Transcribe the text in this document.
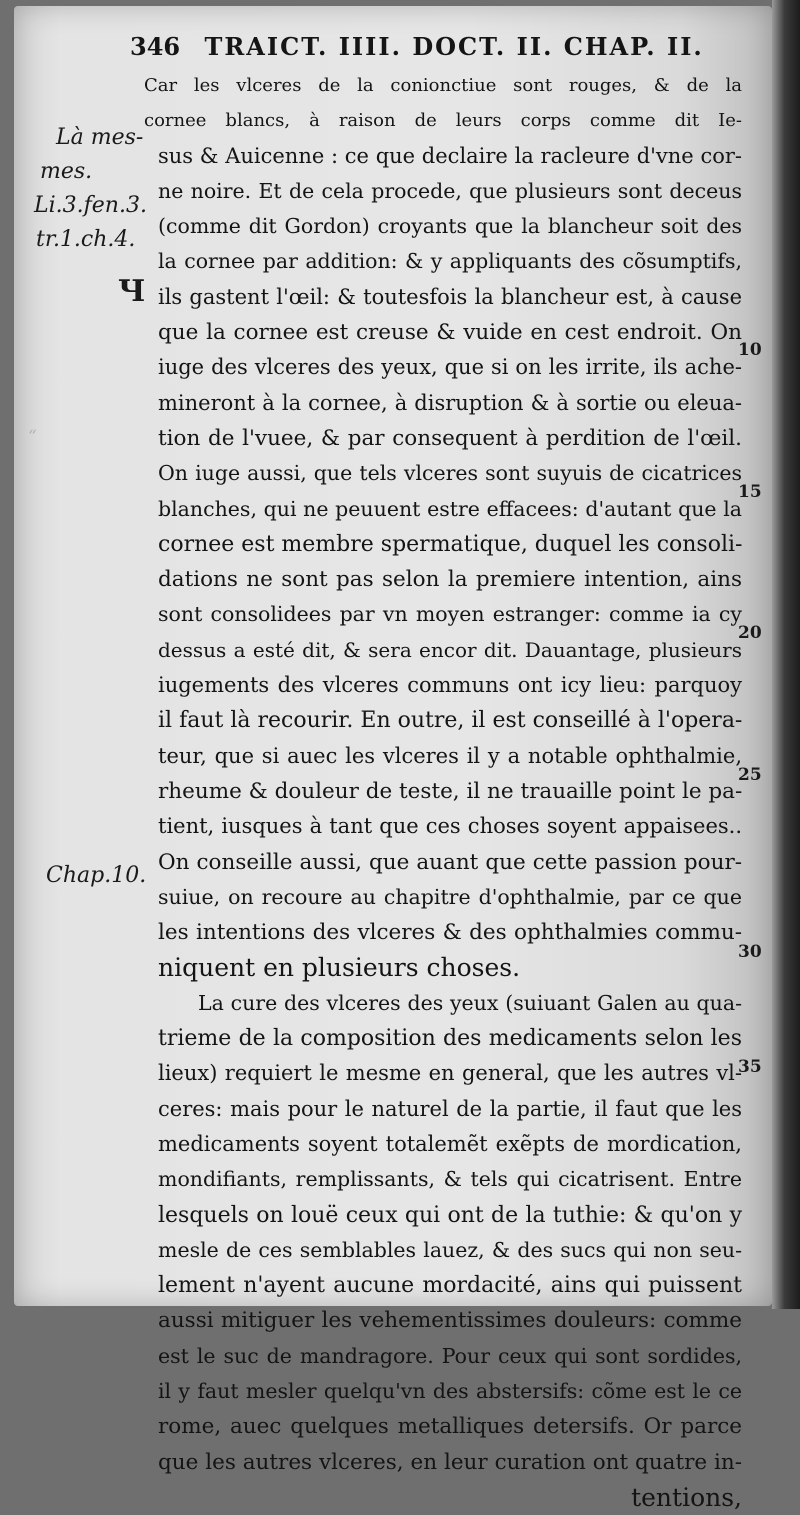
346 TRAICT. IIII. DOCT. II. CHAP. II.
Là mes-
mes.
Li.3.fen.3.
tr.1.ch.4.
Chap.10.
Ч
“
10
15
20
25
30
35
Car les vlceres de la conionctiue sont rouges, & de la
cornee blancs, à raison de leurs corps comme dit Ie-
sus & Auicenne : ce que declaire la racleure d'vne cor-
ne noire. Et de cela procede, que plusieurs sont deceus
(comme dit Gordon) croyants que la blancheur soit des
la cornee par addition: & y appliquants des cõsumptifs,
ils gastent l'œil: & toutesfois la blancheur est, à cause
que la cornee est creuse & vuide en cest endroit. On
iuge des vlceres des yeux, que si on les irrite, ils ache-
mineront à la cornee, à disruption & à sortie ou eleua-
tion de l'vuee, & par consequent à perdition de l'œil.
On iuge aussi, que tels vlceres sont suyuis de cicatrices
blanches, qui ne peuuent estre effacees: d'autant que la
cornee est membre spermatique, duquel les consoli-
dations ne sont pas selon la premiere intention, ains
sont consolidees par vn moyen estranger: comme ia cy
dessus a esté dit, & sera encor dit. Dauantage, plusieurs
iugements des vlceres communs ont icy lieu: parquoy
il faut là recourir. En outre, il est conseillé à l'opera-
teur, que si auec les vlceres il y a notable ophthalmie,
rheume & douleur de teste, il ne trauaille point le pa-
tient, iusques à tant que ces choses soyent appaisees..
On conseille aussi, que auant que cette passion pour-
suiue, on recoure au chapitre d'ophthalmie, par ce que
les intentions des vlceres & des ophthalmies commu-
niquent en plusieurs choses.
La cure des vlceres des yeux (suiuant Galen au qua-
trieme de la composition des medicaments selon les
lieux) requiert le mesme en general, que les autres vl-
ceres: mais pour le naturel de la partie, il faut que les
medicaments soyent totalemẽt exẽpts de mordication,
mondifiants, remplissants, & tels qui cicatrisent. Entre
lesquels on louë ceux qui ont de la tuthie: & qu'on y
mesle de ces semblables lauez, & des sucs qui non seu-
lement n'ayent aucune mordacité, ains qui puissent
aussi mitiguer les vehementissimes douleurs: comme
est le suc de mandragore. Pour ceux qui sont sordides,
il y faut mesler quelqu'vn des abstersifs: cõme est le ce
rome, auec quelques metalliques detersifs. Or parce
que les autres vlceres, en leur curation ont quatre in-
tentions,
